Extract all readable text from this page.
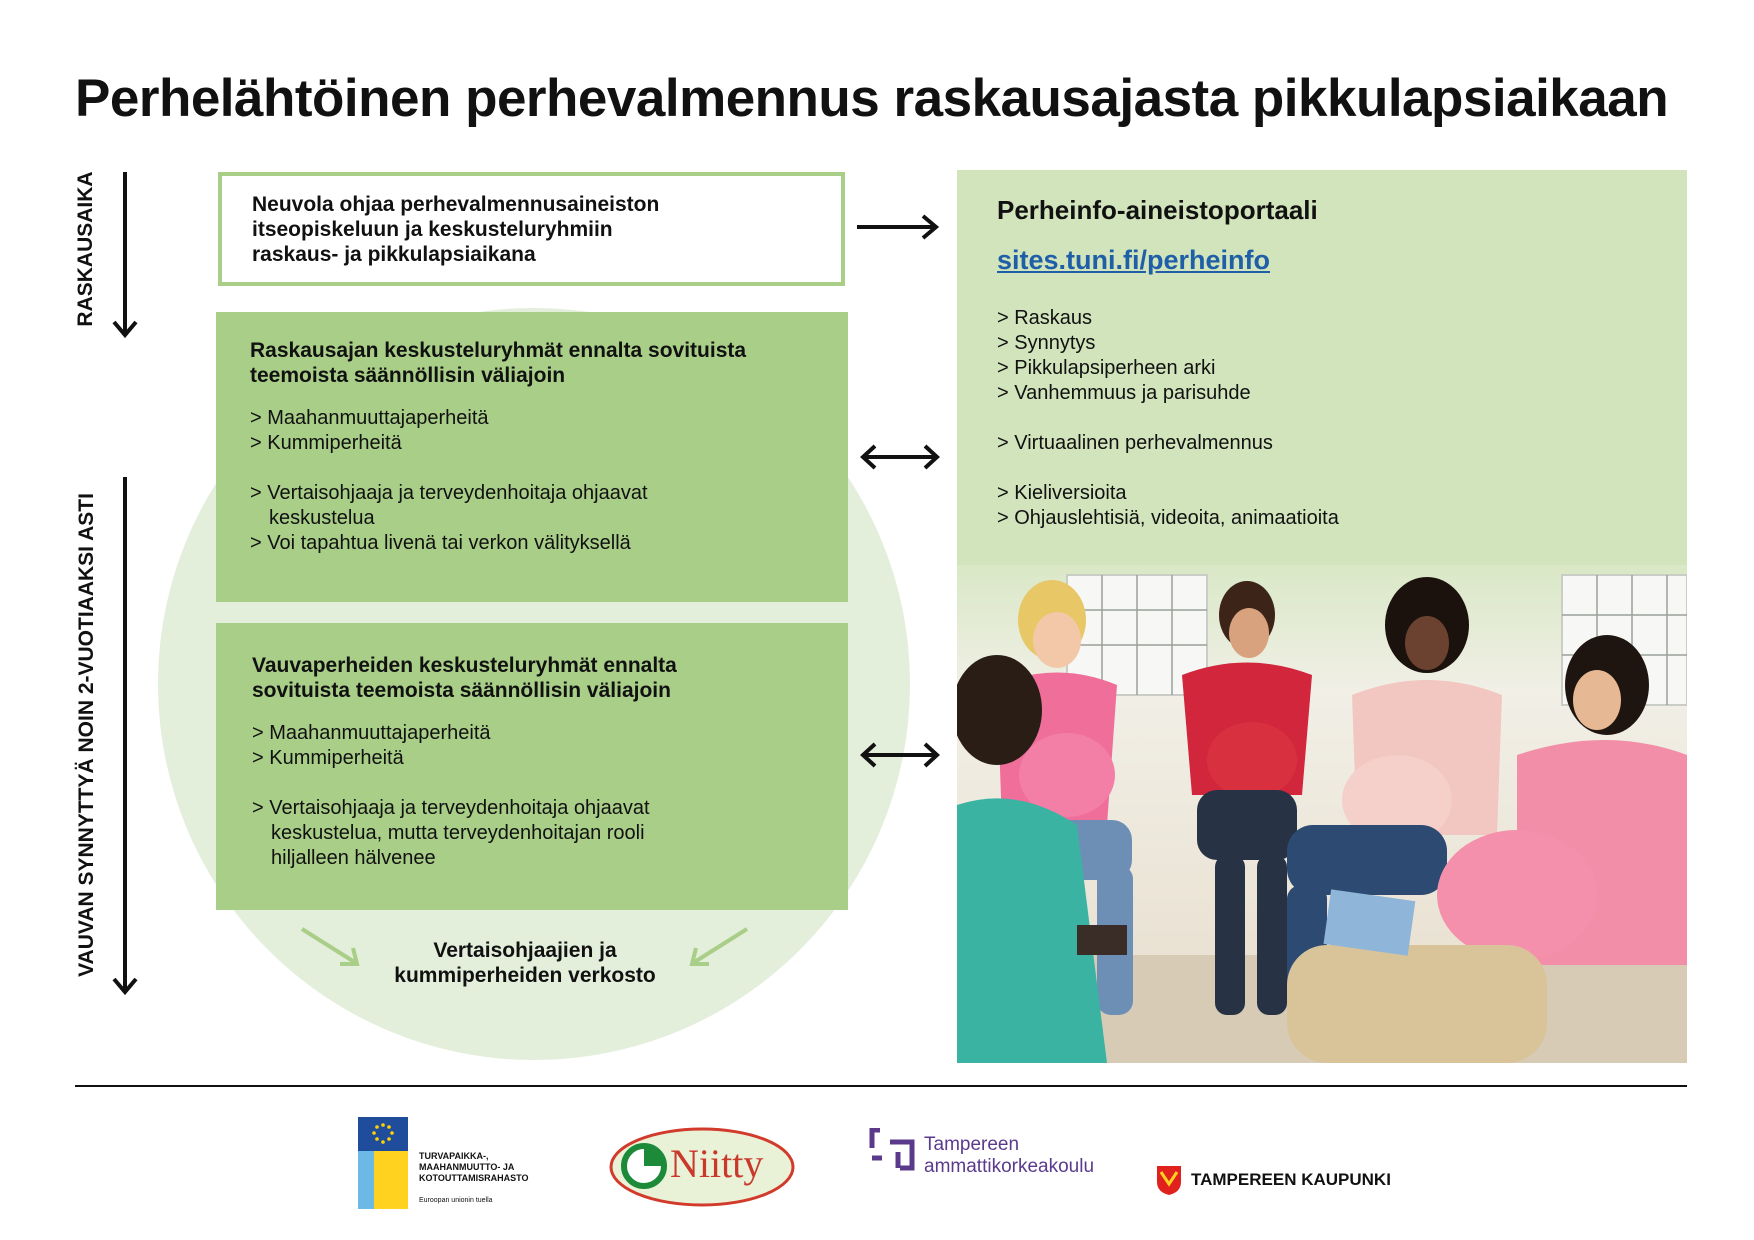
Perhelähtöinen perhevalmennus raskausajasta pikkulapsiaikaan
RASKAUSAIKA
VAUVAN SYNNYTTYÄ NOIN 2-VUOTIAAKSI ASTI
Neuvola ohjaa perhevalmennusaineiston
itseopiskeluun ja keskusteluryhmiin
raskaus- ja pikkulapsiaikana
Raskausajan keskusteluryhmät ennalta sovituista
teemoista säännöllisin väliajoin
> Maahanmuuttajaperheitä
> Kummiperheitä
> Vertaisohjaaja ja terveydenhoitaja ohjaavat
keskustelua
> Voi tapahtua livenä tai verkon välityksellä
Vauvaperheiden keskusteluryhmät ennalta
sovituista teemoista säännöllisin väliajoin
> Maahanmuuttajaperheitä
> Kummiperheitä
> Vertaisohjaaja ja terveydenhoitaja ohjaavat
keskustelua, mutta terveydenhoitajan rooli
hiljalleen hälvenee
Vertaisohjaajien ja
kummiperheiden verkosto
Perheinfo-aineistoportaali
sites.tuni.fi/perheinfo
> Raskaus
> Synnytys
> Pikkulapsiperheen arki
> Vanhemmuus ja parisuhde
> Virtuaalinen perhevalmennus
> Kieliversioita
> Ohjauslehtisiä, videoita, animaatioita
TURVAPAIKKA-,
MAAHANMUUTTO- JA
KOTOUTTAMISRAHASTO
Euroopan unionin tuella
Niitty	Tampereen
ammattikorkeakoulu
TAMPEREEN KAUPUNKI
